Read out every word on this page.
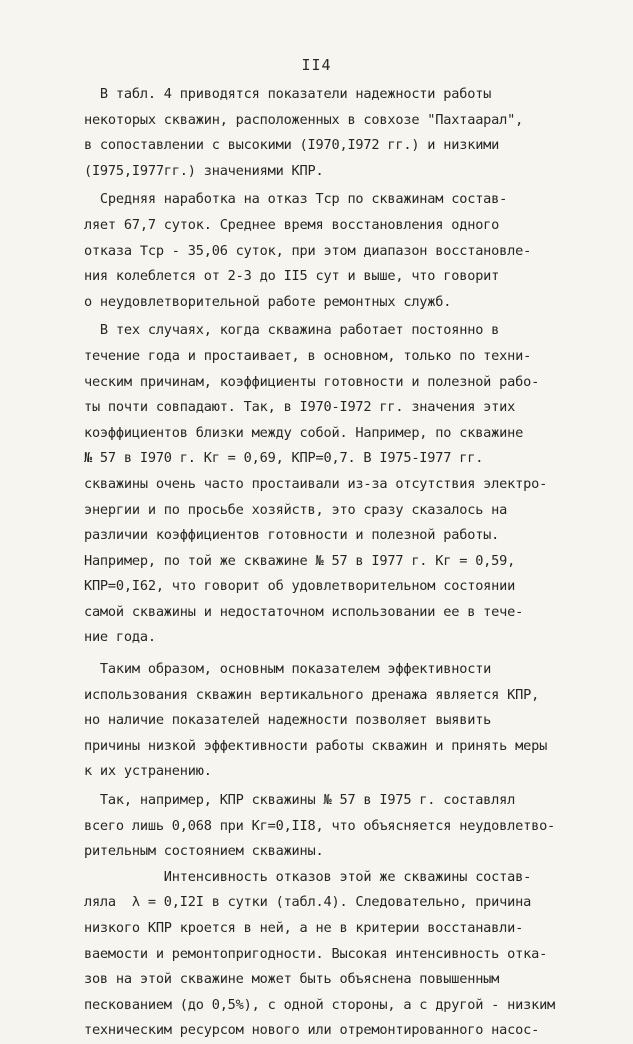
II4
В табл. 4 приводятся показатели надежности работы
некоторых скважин, расположенных в совхозе "Пахтаарал",
в сопоставлении с высокими (I970,I972 гг.) и низкими
(I975,I977гг.) значениями КПР.
Средняя наработка на отказ Тср по скважинам состав-
ляет 67,7 суток. Среднее время восстановления одного
отказа Τср - 35,06 суток, при этом диапазон восстановле-
ния колеблется от 2-3 до II5 сут и выше, что говорит
о неудовлетворительной работе ремонтных служб.
В тех случаях, когда скважина работает постоянно в
течение года и простаивает, в основном, только по техни-
ческим причинам, коэффициенты готовности и полезной рабо-
ты почти совпадают. Так, в I970-I972 гг. значения этих
коэффициентов близки между собой. Например, по скважине
№ 57 в I970 г. Кг = 0,69, КПР=0,7. В I975-I977 гг.
скважины очень часто простаивали из-за отсутствия электро-
энергии и по просьбе хозяйств, это сразу сказалось на
различии коэффициентов готовности и полезной работы.
Например, по той же скважине № 57 в I977 г. Кг = 0,59,
КПР=0,I62, что говорит об удовлетворительном состоянии
самой скважины и недостаточном использовании ее в тече-
ние года.
Таким образом, основным показателем эффективности
использования скважин вертикального дренажа является КПР,
но наличие показателей надежности позволяет выявить
причины низкой эффективности работы скважин и принять меры
к их устранению.
Так, например, КПР скважины № 57 в I975 г. составлял
всего лишь 0,068 при Кг=0,II8, что объясняется неудовлетво-
рительным состоянием скважины.
Интенсивность отказов этой же скважины состав-
ляла  λ = 0,I2I в сутки (табл.4). Следовательно, причина
низкого КПР кроется в ней, а не в критерии восстанавли-
ваемости и ремонтопригодности. Высокая интенсивность отка-
зов на этой скважине может быть объяснена повышенным
пескованием (до 0,5%), с одной стороны, а с другой - низким
техническим ресурсом нового или отремонтированного насос-
